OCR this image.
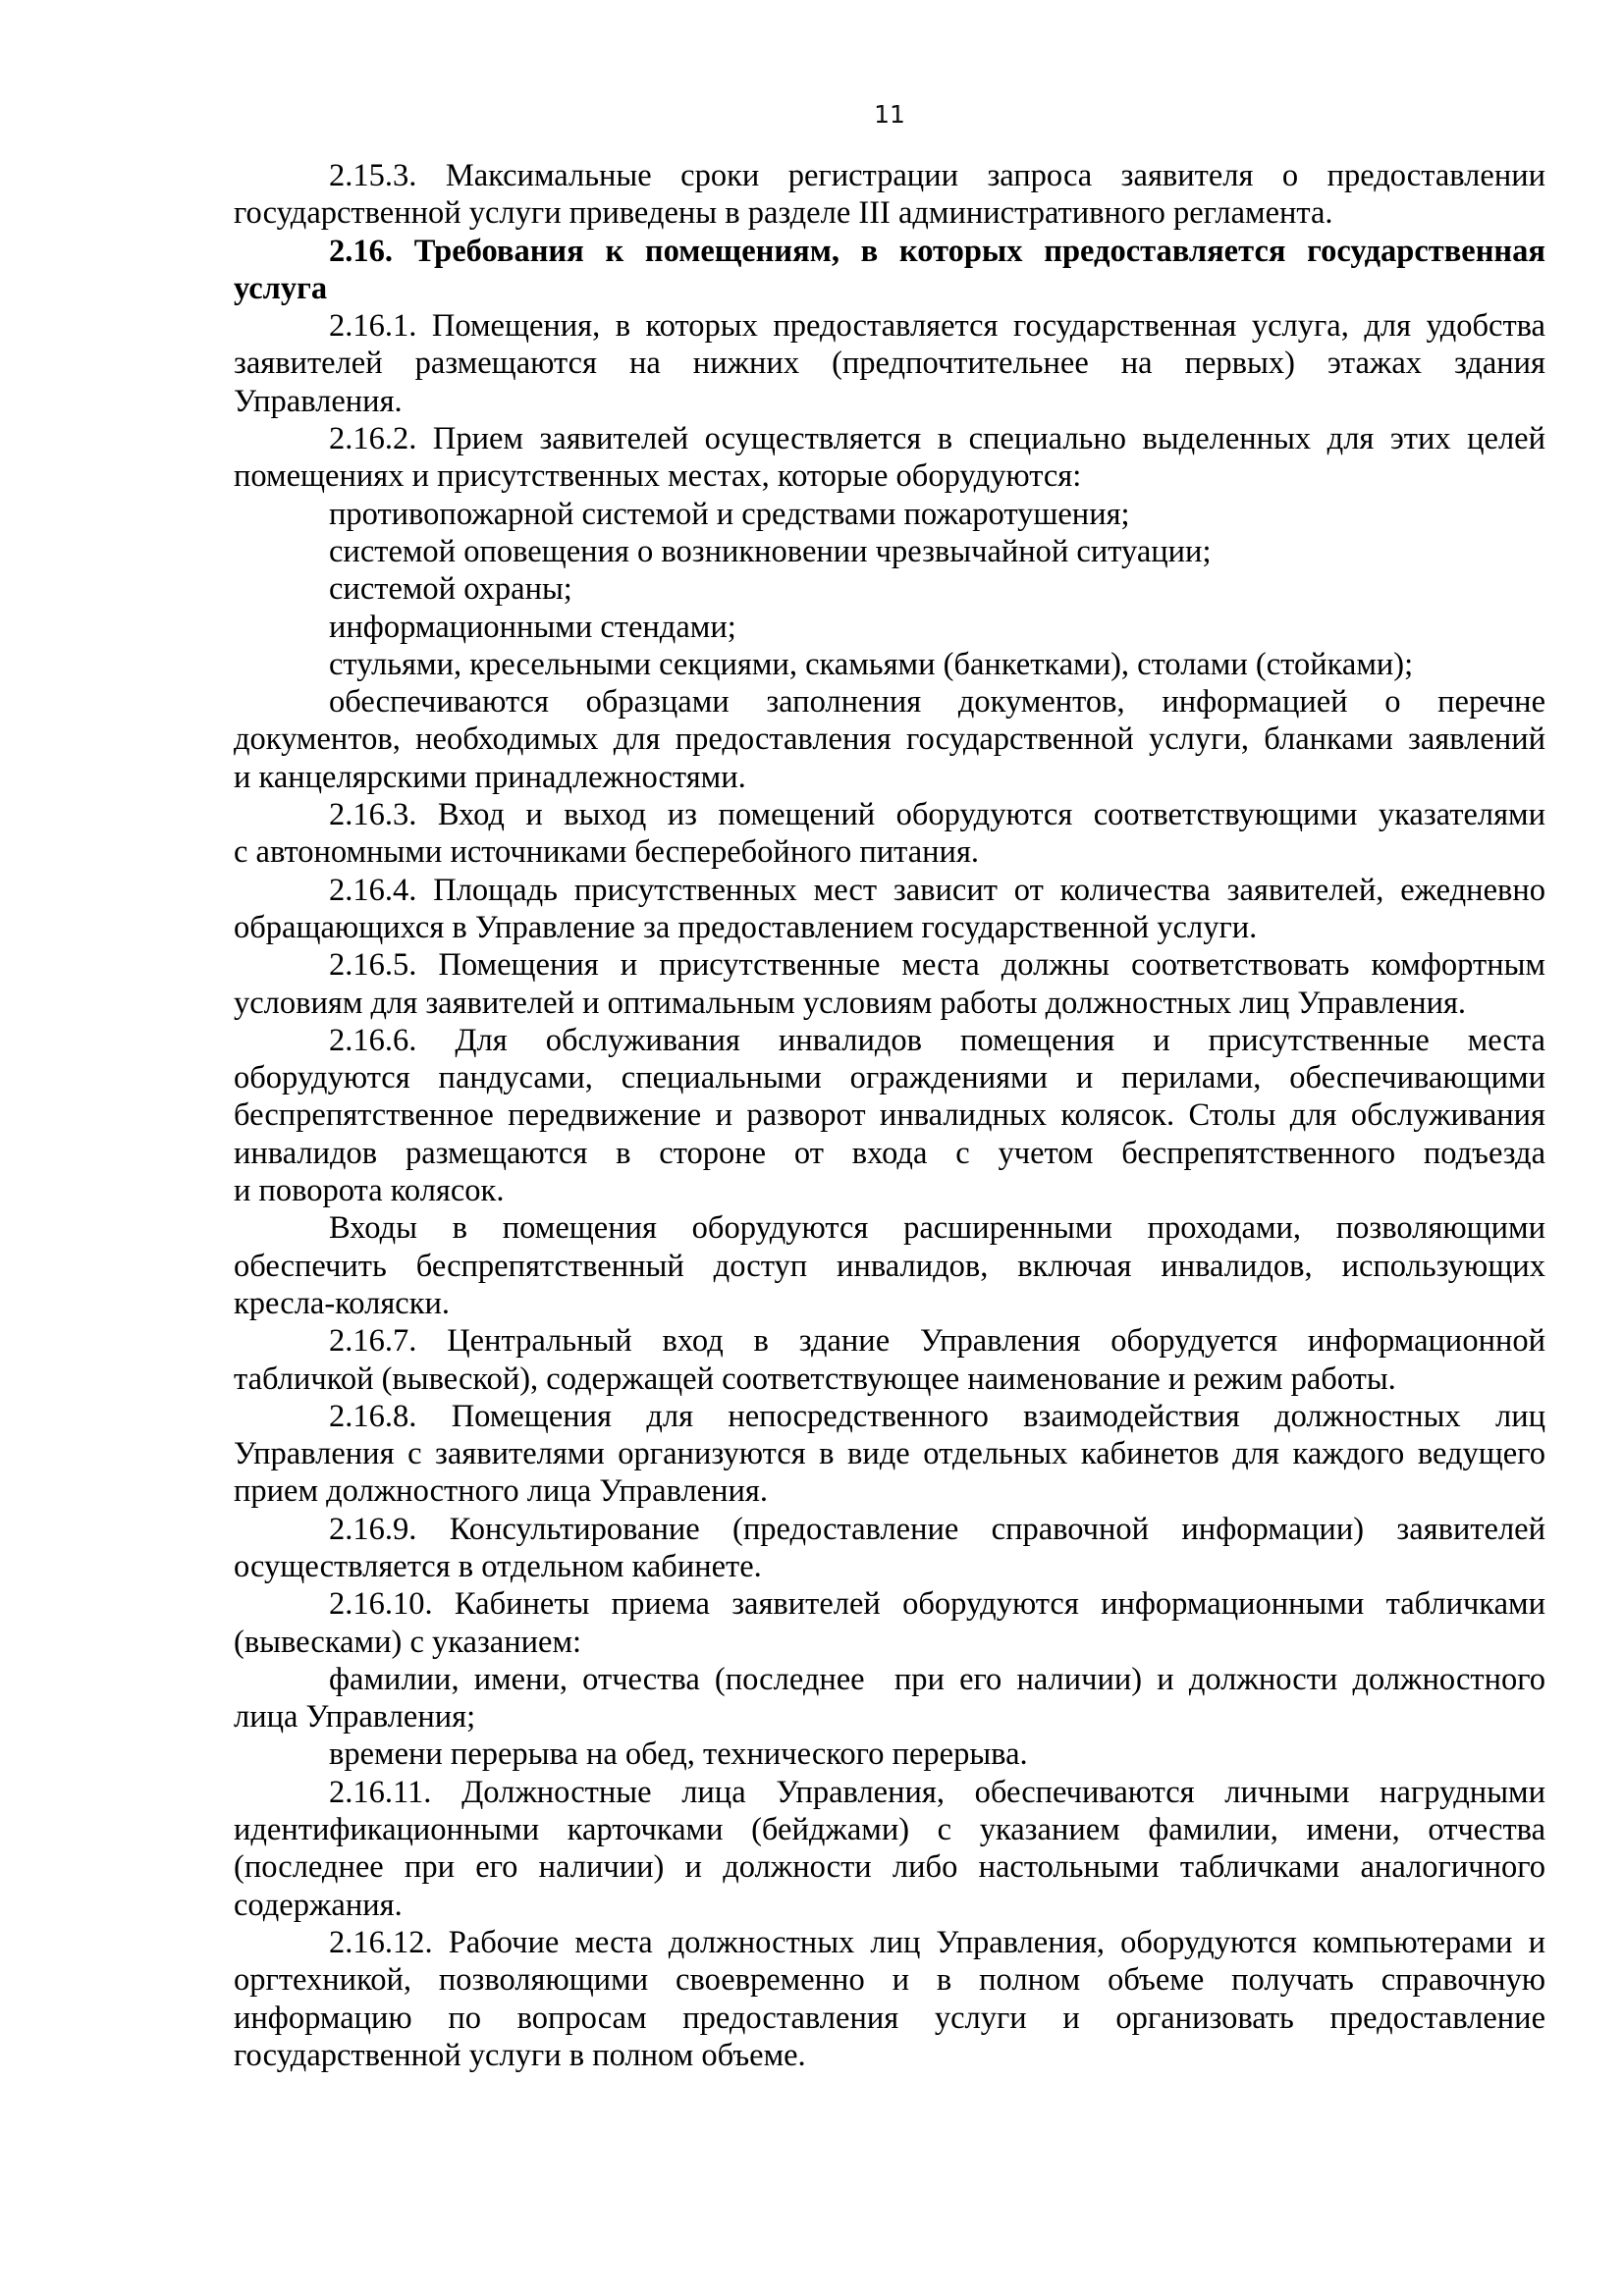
11
2.15.3. Максимальные сроки регистрации запроса заявителя о предоставлении
государственной услуги приведены в разделе III административного регламента.
2.16. Требования к помещениям, в которых предоставляется государственная
услуга
2.16.1. Помещения, в которых предоставляется государственная услуга, для удобства
заявителей размещаются на нижних (предпочтительнее на первых) этажах здания
Управления.
2.16.2. Прием заявителей осуществляется в специально выделенных для этих целей
помещениях и присутственных местах, которые оборудуются:
противопожарной системой и средствами пожаротушения;
системой оповещения о возникновении чрезвычайной ситуации;
системой охраны;
информационными стендами;
стульями, кресельными секциями, скамьями (банкетками), столами (стойками);
обеспечиваются образцами заполнения документов, информацией о перечне
документов, необходимых для предоставления государственной услуги, бланками заявлений
и канцелярскими принадлежностями.
2.16.3. Вход и выход из помещений оборудуются соответствующими указателями
с автономными источниками бесперебойного питания.
2.16.4. Площадь присутственных мест зависит от количества заявителей, ежедневно
обращающихся в Управление за предоставлением государственной услуги.
2.16.5. Помещения и присутственные места должны соответствовать комфортным
условиям для заявителей и оптимальным условиям работы должностных лиц Управления.
2.16.6. Для обслуживания инвалидов помещения и присутственные места
оборудуются пандусами, специальными ограждениями и перилами, обеспечивающими
беспрепятственное передвижение и разворот инвалидных колясок. Столы для обслуживания
инвалидов размещаются в стороне от входа с учетом беспрепятственного подъезда
и поворота колясок.
Входы в помещения оборудуются расширенными проходами, позволяющими
обеспечить беспрепятственный доступ инвалидов, включая инвалидов, использующих
кресла-коляски.
2.16.7. Центральный вход в здание Управления оборудуется информационной
табличкой (вывеской), содержащей соответствующее наименование и режим работы.
2.16.8. Помещения для непосредственного взаимодействия должностных лиц
Управления с заявителями организуются в виде отдельных кабинетов для каждого ведущего
прием должностного лица Управления.
2.16.9. Консультирование (предоставление справочной информации) заявителей
осуществляется в отдельном кабинете.
2.16.10. Кабинеты приема заявителей оборудуются информационными табличками
(вывесками) с указанием:
фамилии, имени, отчества (последнее  при его наличии) и должности должностного
лица Управления;
времени перерыва на обед, технического перерыва.
2.16.11. Должностные лица Управления, обеспечиваются личными нагрудными
идентификационными карточками (бейджами) с указанием фамилии, имени, отчества
(последнее при его наличии) и должности либо настольными табличками аналогичного
содержания.
2.16.12. Рабочие места должностных лиц Управления, оборудуются компьютерами и
оргтехникой, позволяющими своевременно и в полном объеме получать справочную
информацию по вопросам предоставления услуги и организовать предоставление
государственной услуги в полном объеме.
